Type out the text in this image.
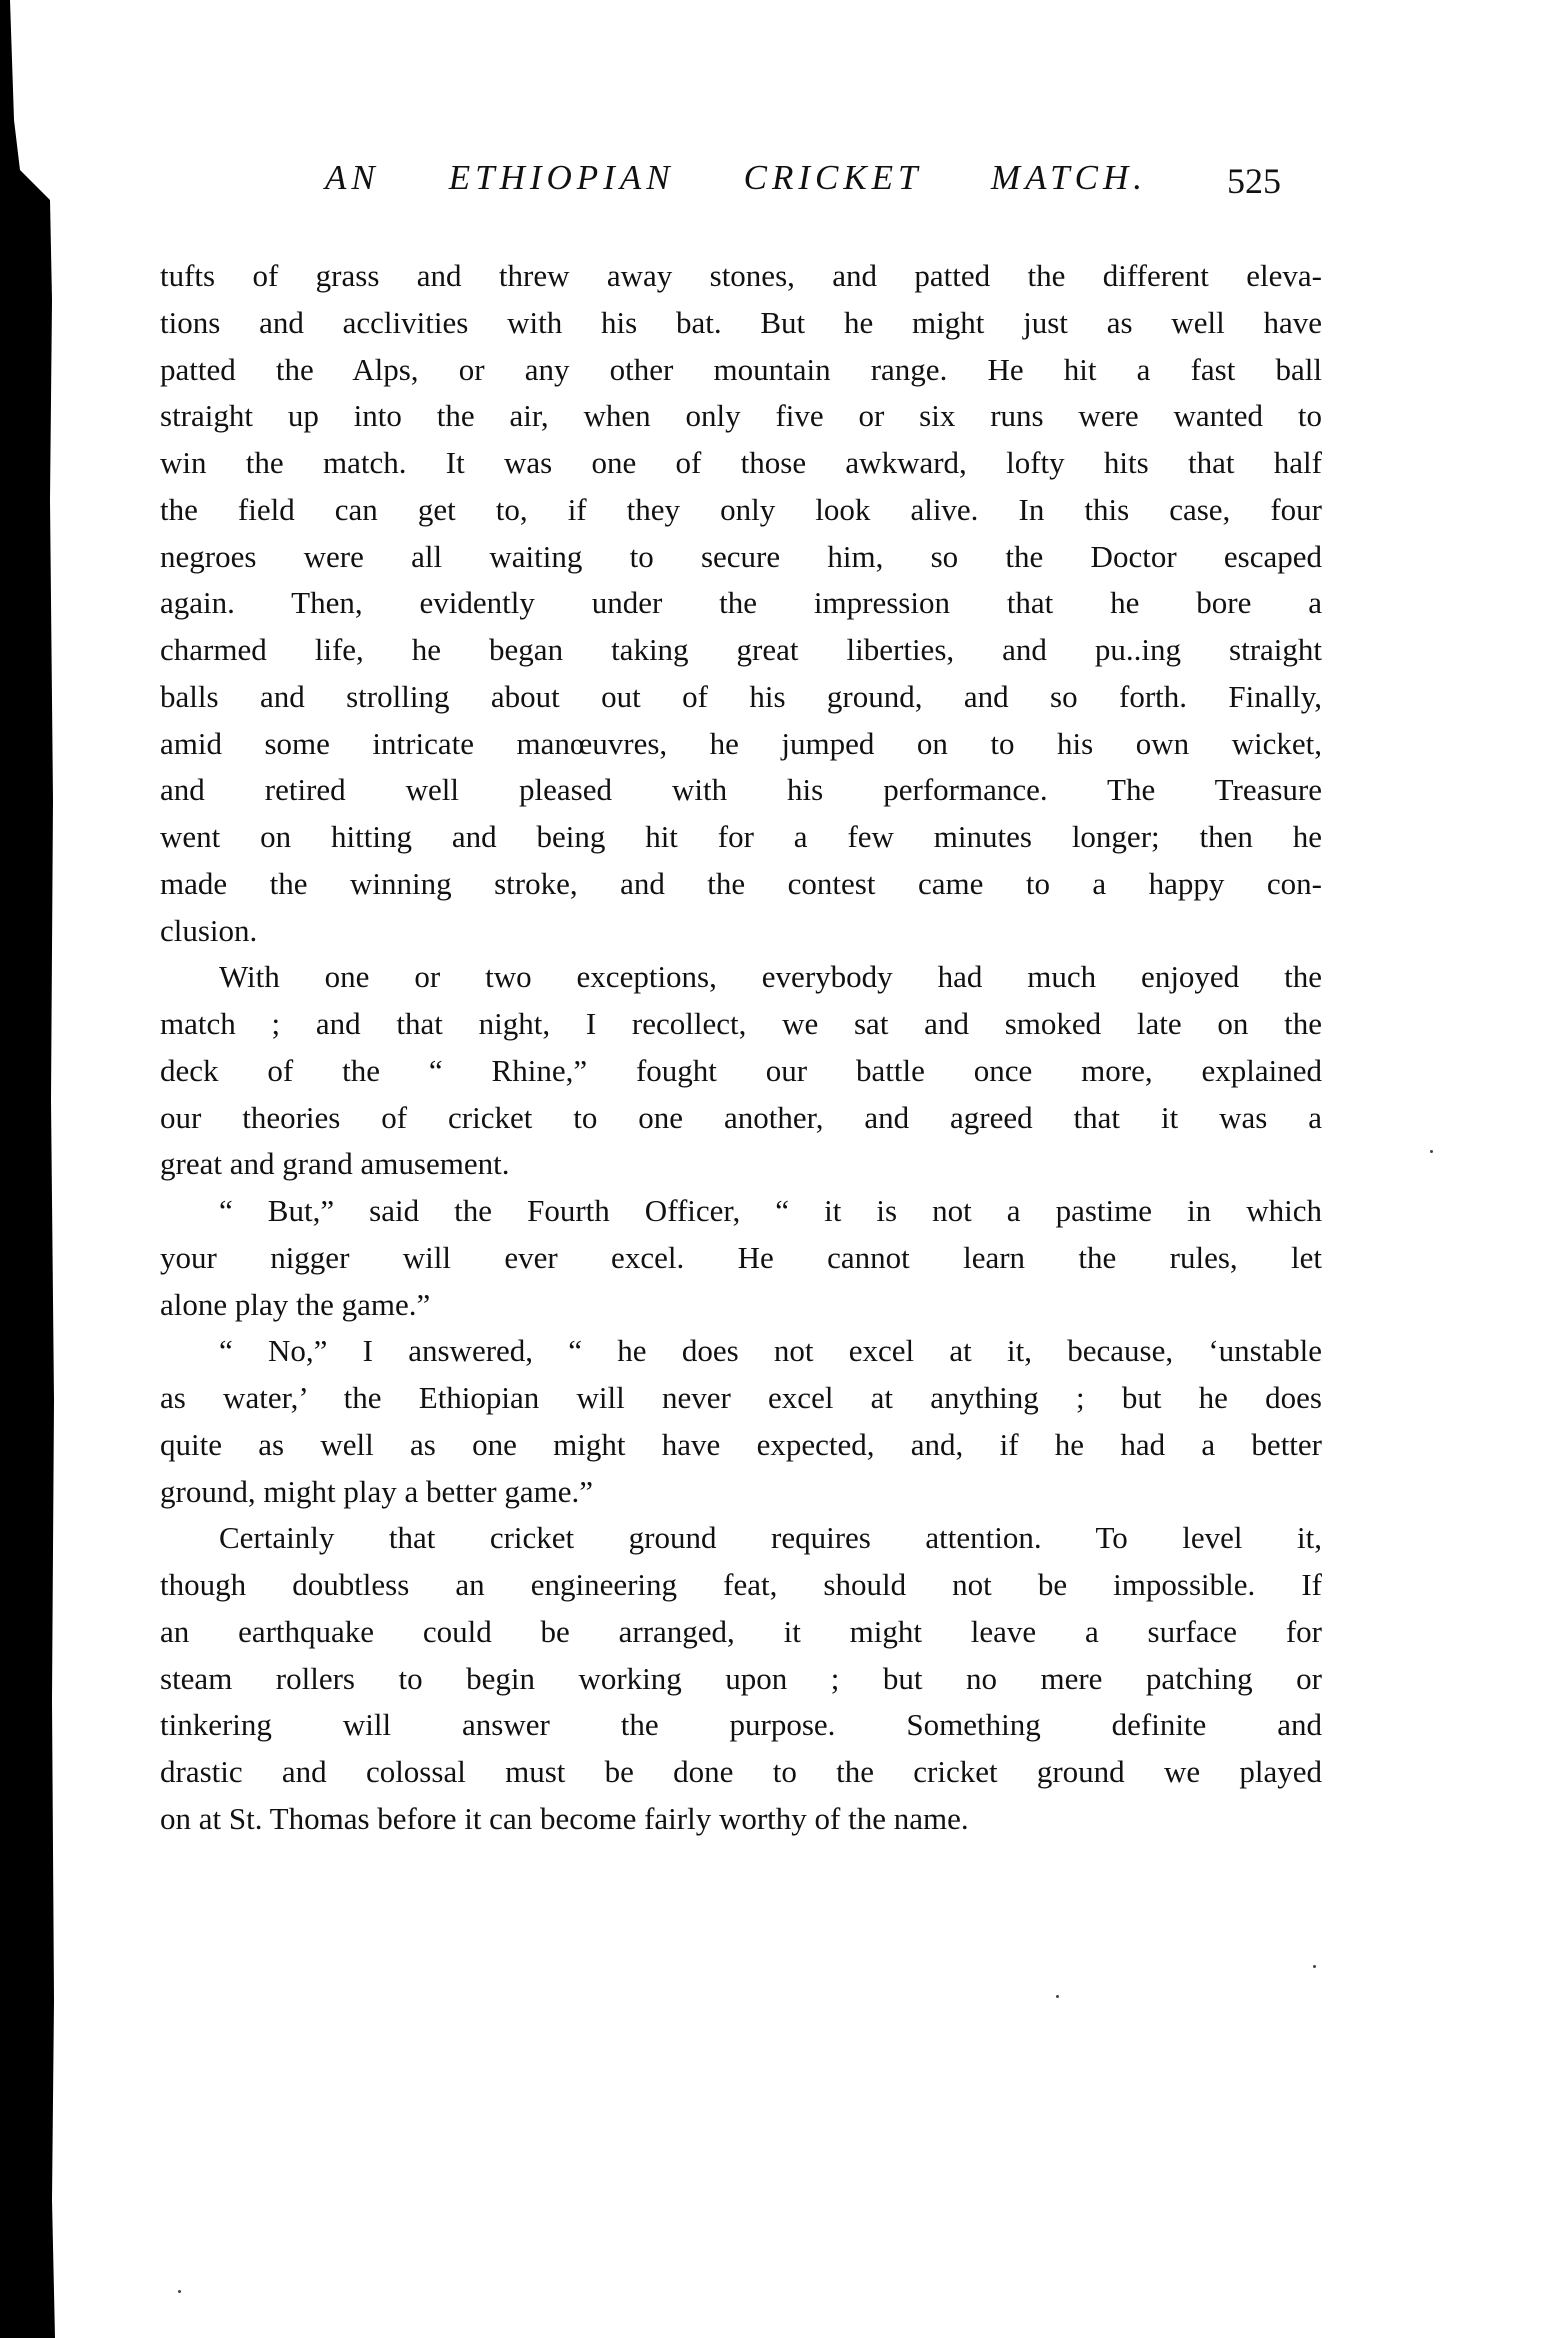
AN ETHIOPIAN CRICKET MATCH. 525
tufts of grass and threw away stones, and patted the different eleva-
tions and acclivities with his bat. But he might just as well have
patted the Alps, or any other mountain range. He hit a fast ball
straight up into the air, when only five or six runs were wanted to
win the match. It was one of those awkward, lofty hits that half
the field can get to, if they only look alive. In this case, four
negroes were all waiting to secure him, so the Doctor escaped
again. Then, evidently under the impression that he bore a
charmed life, he began taking great liberties, and pu..ing straight
balls and strolling about out of his ground, and so forth. Finally,
amid some intricate manœuvres, he jumped on to his own wicket,
and retired well pleased with his performance. The Treasure
went on hitting and being hit for a few minutes longer; then he
made the winning stroke, and the contest came to a happy con-
clusion.
With one or two exceptions, everybody had much enjoyed the
match ; and that night, I recollect, we sat and smoked late on the
deck of the “ Rhine,” fought our battle once more, explained
our theories of cricket to one another, and agreed that it was a
great and grand amusement.
“ But,” said the Fourth Officer, “ it is not a pastime in which
your nigger will ever excel. He cannot learn the rules, let
alone play the game.”
“ No,” I answered, “ he does not excel at it, because, ‘unstable
as water,’ the Ethiopian will never excel at anything ; but he does
quite as well as one might have expected, and, if he had a better
ground, might play a better game.”
Certainly that cricket ground requires attention. To level it,
though doubtless an engineering feat, should not be impossible. If
an earthquake could be arranged, it might leave a surface for
steam rollers to begin working upon ; but no mere patching or
tinkering will answer the purpose. Something definite and
drastic and colossal must be done to the cricket ground we played
on at St. Thomas before it can become fairly worthy of the name.
